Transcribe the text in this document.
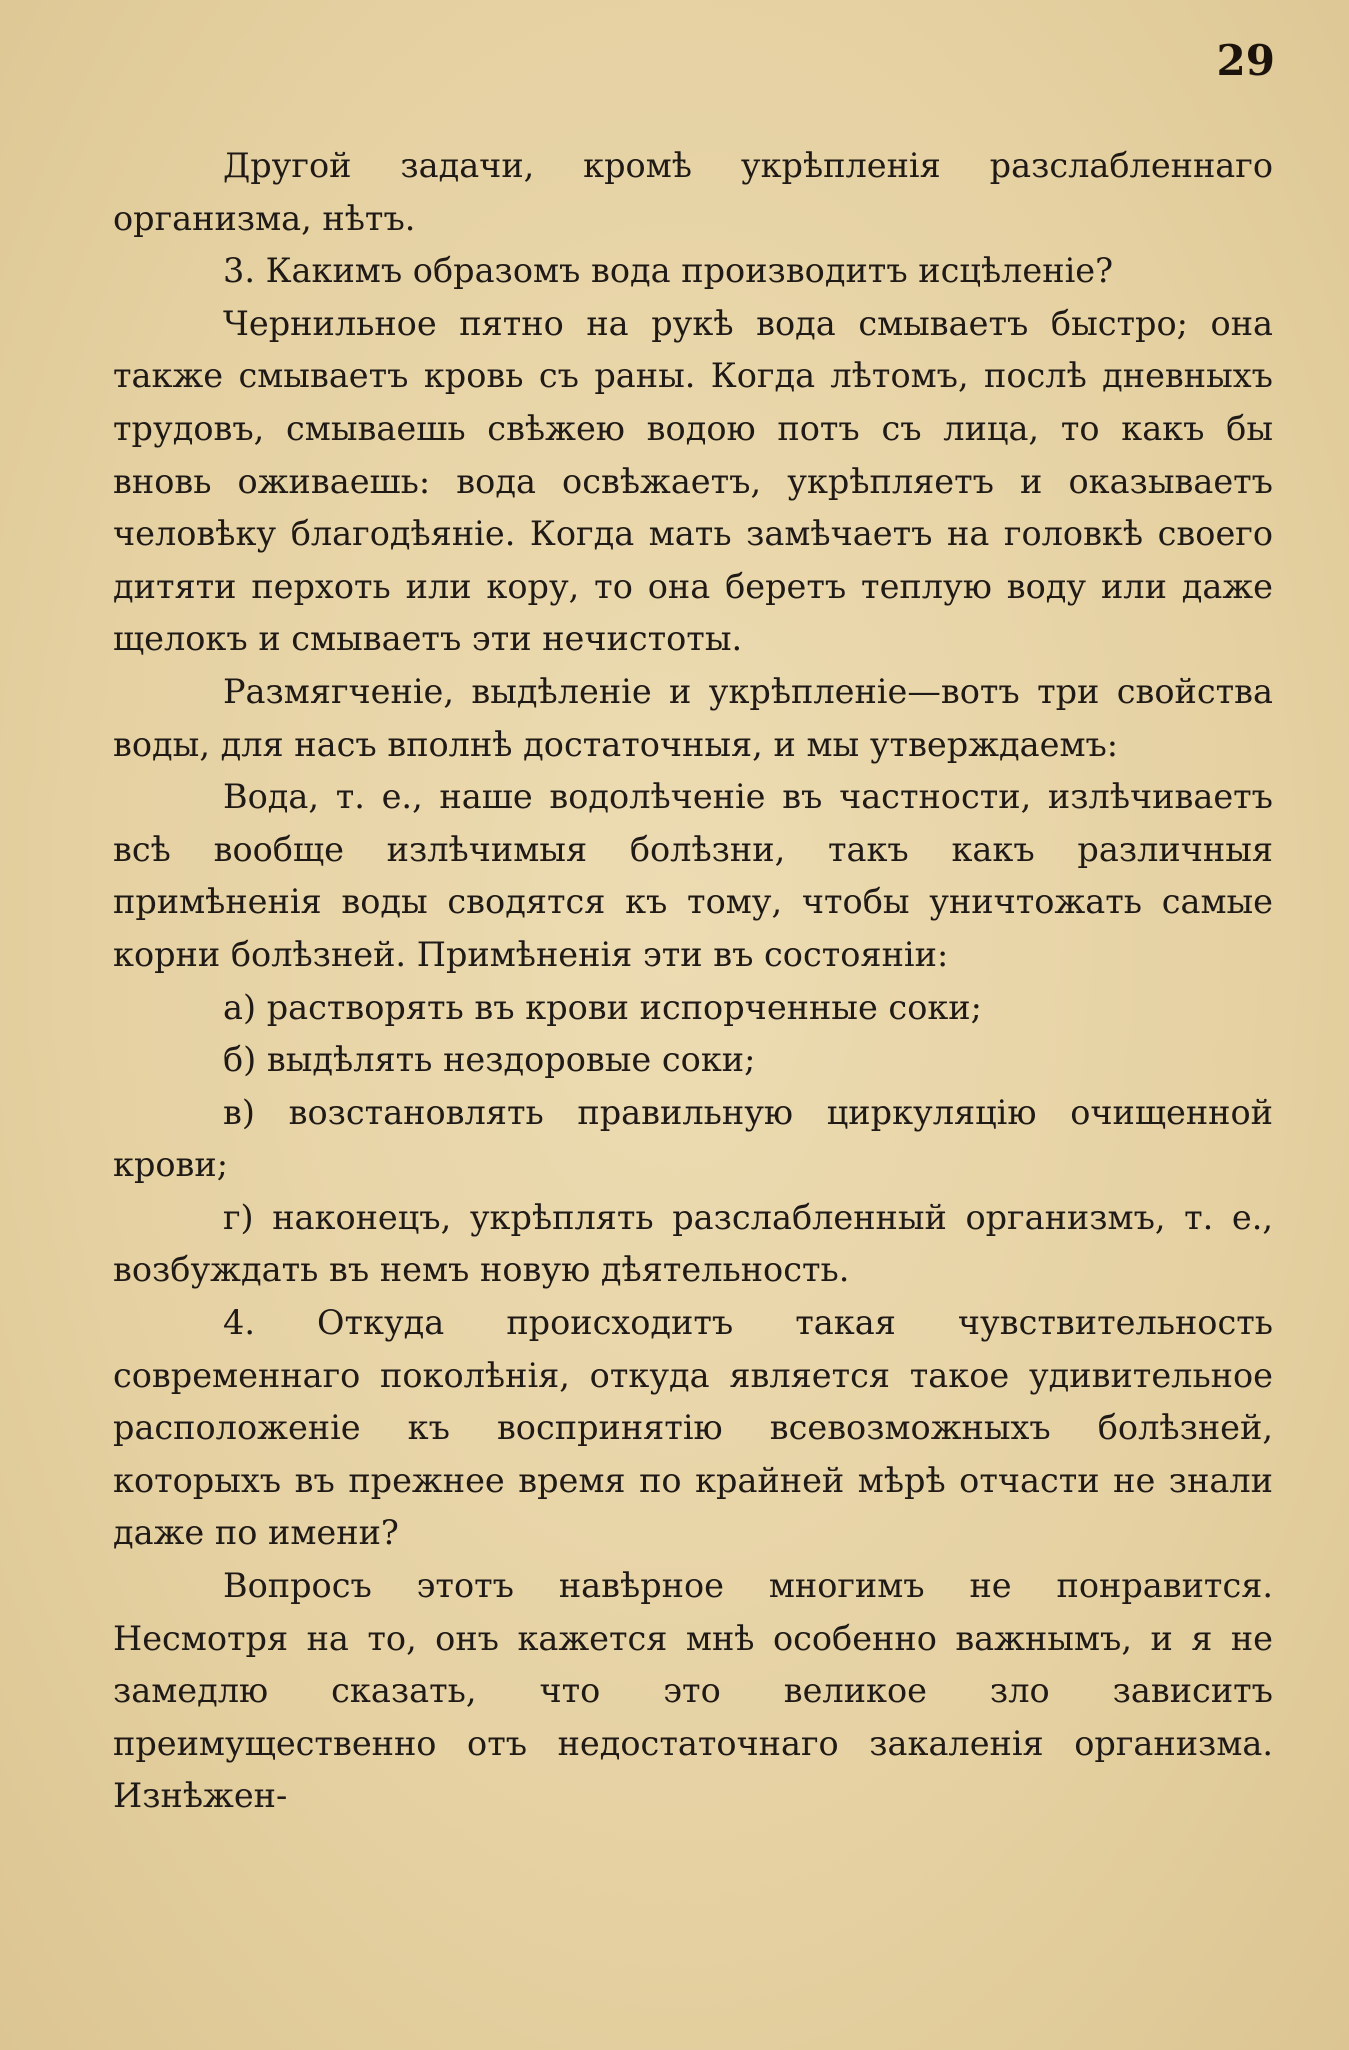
29

Другой задачи, кромѣ укрѣпленія разслабленнаго организма, нѣтъ.

3. Какимъ образомъ вода производитъ исцѣленіе?

Чернильное пятно на рукѣ вода смываетъ быстро; она также смываетъ кровь съ раны. Когда лѣтомъ, послѣ дневныхъ трудовъ, смываешь свѣжею водою потъ съ лица, то какъ бы вновь оживаешь: вода освѣжаетъ, укрѣпляетъ и оказываетъ человѣку благодѣяніе. Когда мать замѣчаетъ на головкѣ своего дитяти перхоть или кору, то она беретъ теплую воду или даже щелокъ и смываетъ эти нечистоты.

Размягченіе, выдѣленіе и укрѣпленіе—вотъ три свойства воды, для насъ вполнѣ достаточныя, и мы утверждаемъ:

Вода, т. е., наше водолѣченіе въ частности, излѣчиваетъ всѣ вообще излѣчимыя болѣзни, такъ какъ различныя примѣненія воды сводятся къ тому, чтобы уничтожать самые корни болѣзней. Примѣненія эти въ состояніи:

а) растворять въ крови испорченные соки;

б) выдѣлять нездоровые соки;

в) возстановлять правильную циркуляцію очищенной крови;

г) наконецъ, укрѣплять разслабленный организмъ, т. е., возбуждать въ немъ новую дѣятельность.

4. Откуда происходитъ такая чувствительность современнаго поколѣнія, откуда является такое удивительное расположеніе къ воспринятію всевозможныхъ болѣзней, которыхъ въ прежнее время по крайней мѣрѣ отчасти не знали даже по имени?

Вопросъ этотъ навѣрное многимъ не понравится. Несмотря на то, онъ кажется мнѣ особенно важнымъ, и я не замедлю сказать, что это великое зло зависитъ преимущественно отъ недостаточнаго закаленія организма. Изнѣжен-
